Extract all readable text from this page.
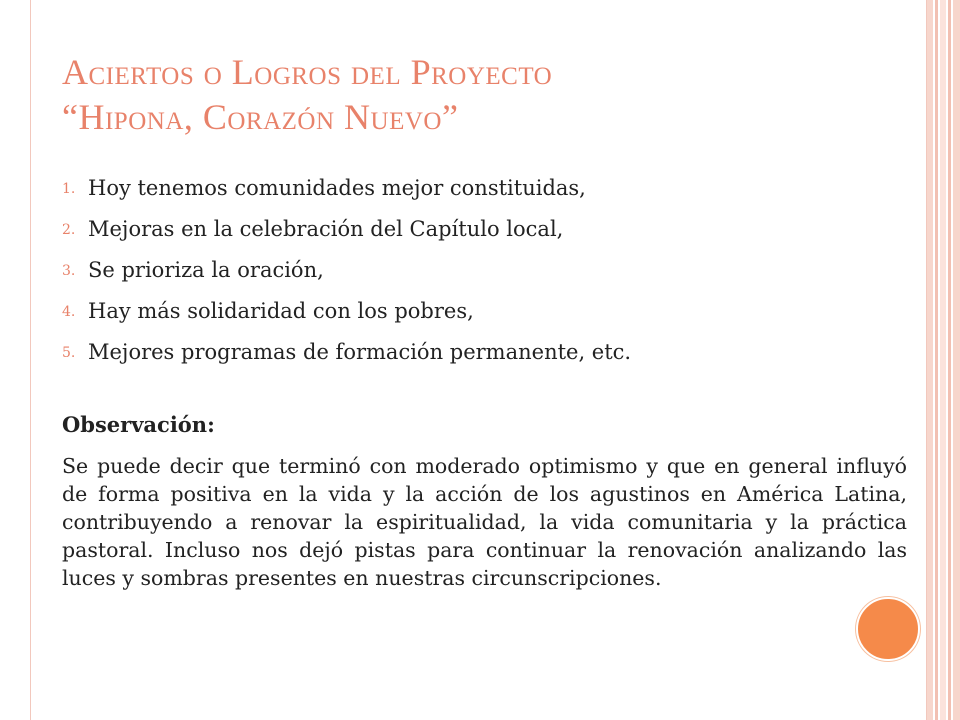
Aciertos o Logros del Proyecto
“Hipona, Corazón Nuevo”
1. Hoy tenemos comunidades mejor constituidas,
2. Mejoras en la celebración del Capítulo local,
3. Se prioriza la oración,
4. Hay más solidaridad con los pobres,
5. Mejores programas de formación permanente, etc.
Observación:
Se puede decir que terminó con moderado optimismo y que en general influyó de forma positiva en la vida y la acción de los agustinos en América Latina, contribuyendo a renovar la espiritualidad, la vida comunitaria y la práctica pastoral. Incluso nos dejó pistas para continuar la renovación analizando las luces y sombras presentes en nuestras circunscripciones.
